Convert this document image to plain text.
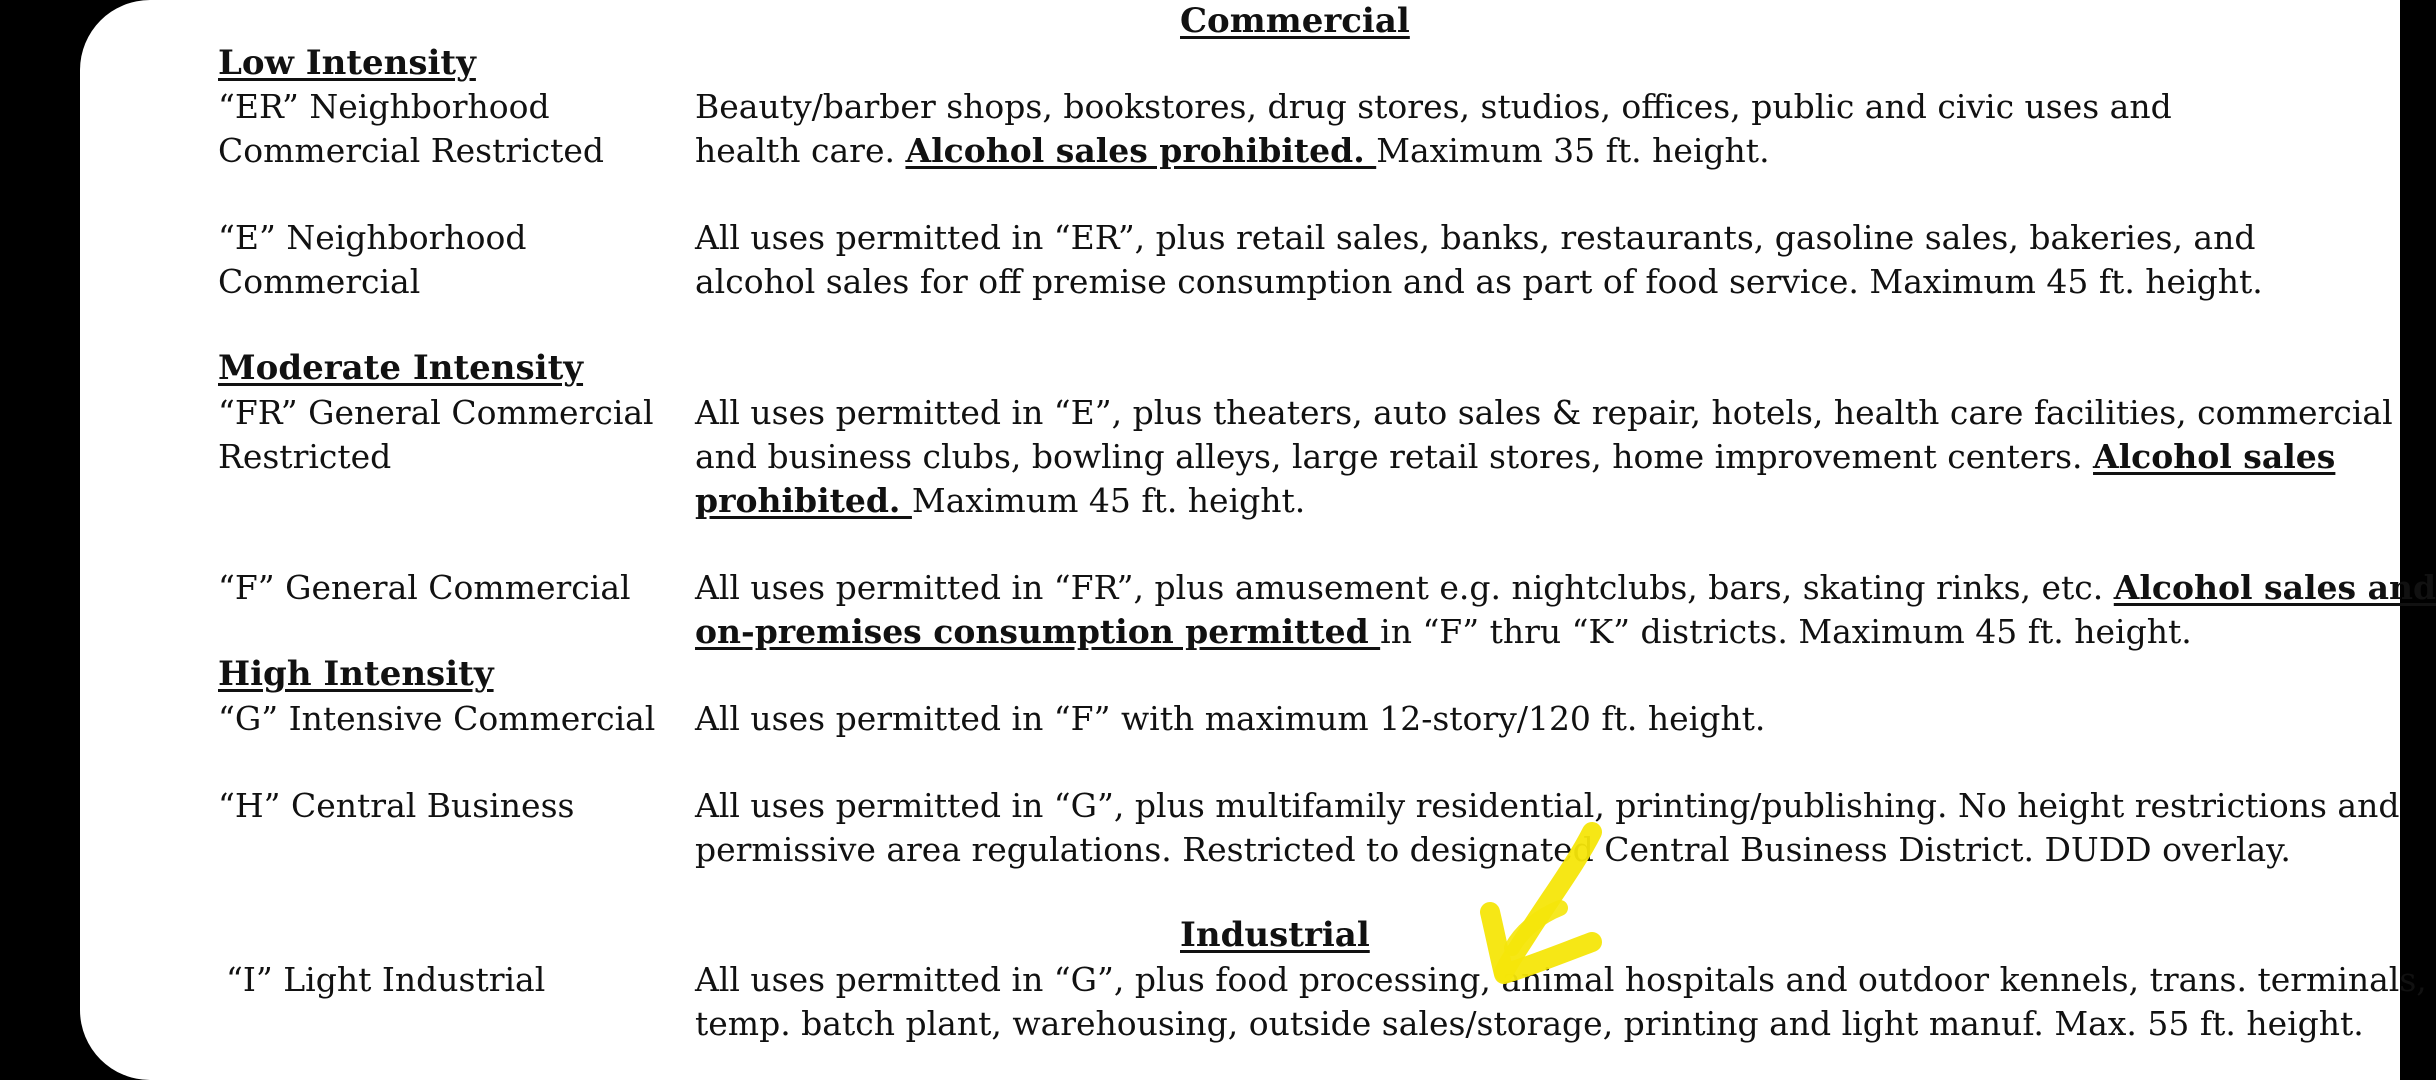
Commercial
Low Intensity
“ER” Neighborhood
Commercial Restricted
Beauty/barber shops, bookstores, drug stores, studios, offices, public and civic uses and
health care. Alcohol sales prohibited. Maximum 35 ft. height.
“E” Neighborhood
Commercial
All uses permitted in “ER”, plus retail sales, banks, restaurants, gasoline sales, bakeries, and
alcohol sales for off premise consumption and as part of food service. Maximum 45 ft. height.
Moderate Intensity
“FR” General Commercial
Restricted
All uses permitted in “E”, plus theaters, auto sales & repair, hotels, health care facilities, commercial
and business clubs, bowling alleys, large retail stores, home improvement centers. Alcohol sales
prohibited. Maximum 45 ft. height.
“F” General Commercial All uses permitted in “FR”, plus amusement e.g. nightclubs, bars, skating rinks, etc. Alcohol sales and
on-premises consumption permitted in “F” thru “K” districts. Maximum 45 ft. height.
High Intensity
“G” Intensive Commercial All uses permitted in “F” with maximum 12-story/120 ft. height.
“H” Central Business	All uses permitted in “G”, plus multifamily residential, printing/publishing. No height restrictions and
permissive area regulations. Restricted to designated Central Business District. DUDD overlay.
Industrial
“I” Light Industrial	All uses permitted in “G”, plus food processing, animal hospitals and outdoor kennels, trans. terminals,
temp. batch plant, warehousing, outside sales/storage, printing and light manuf. Max. 55 ft. height.
